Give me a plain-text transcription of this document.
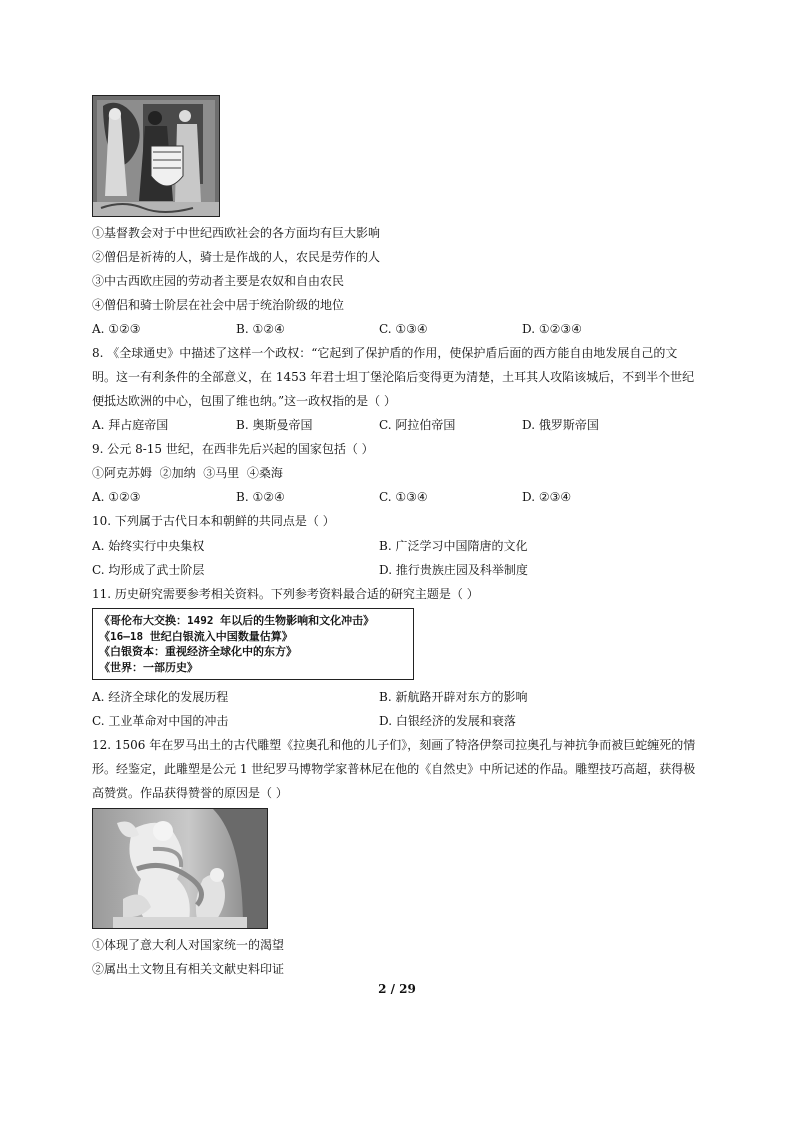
①基督教会对于中世纪西欧社会的各方面均有巨大影响
②僧侣是祈祷的人，骑士是作战的人，农民是劳作的人
③中古西欧庄园的劳动者主要是农奴和自由农民
④僧侣和骑士阶层在社会中居于统治阶级的地位
A. ①②③	B. ①②④	C. ①③④	D. ①②③④
8. 《全球通史》中描述了这样一个政权：“它起到了保护盾的作用，使保护盾后面的西方能自由地发展自己的文
明。这一有利条件的全部意义，在 1453 年君士坦丁堡沦陷后变得更为清楚，土耳其人攻陷该城后，不到半个世纪
便抵达欧洲的中心，包围了维也纳。”这一政权指的是（ ）
A. 拜占庭帝国	B. 奥斯曼帝国	C. 阿拉伯帝国	D. 俄罗斯帝国
9. 公元 8-15 世纪，在西非先后兴起的国家包括（ ）
①阿克苏姆  ②加纳  ③马里  ④桑海
A. ①②③	B. ①②④	C. ①③④	D. ②③④
10. 下列属于古代日本和朝鲜的共同点是（ ）
A. 始终实行中央集权	B. 广泛学习中国隋唐的文化
C. 均形成了武士阶层	D. 推行贵族庄园及科举制度
11. 历史研究需要参考相关资料。下列参考资料最合适的研究主题是（ ）
《哥伦布大交换：1492 年以后的生物影响和文化冲击》
《16—18 世纪白银流入中国数量估算》
《白银资本：重视经济全球化中的东方》
《世界：一部历史》
A. 经济全球化的发展历程	B. 新航路开辟对东方的影响
C. 工业革命对中国的冲击	D. 白银经济的发展和衰落
12. 1506 年在罗马出土的古代雕塑《拉奥孔和他的儿子们》，刻画了特洛伊祭司拉奥孔与神抗争而被巨蛇缠死的情
形。经鉴定，此雕塑是公元 1 世纪罗马博物学家普林尼在他的《自然史》中所记述的作品。雕塑技巧高超，获得极
高赞赏。作品获得赞誉的原因是（ ）
①体现了意大利人对国家统一的渴望
②属出土文物且有相关文献史料印证
2 / 29
